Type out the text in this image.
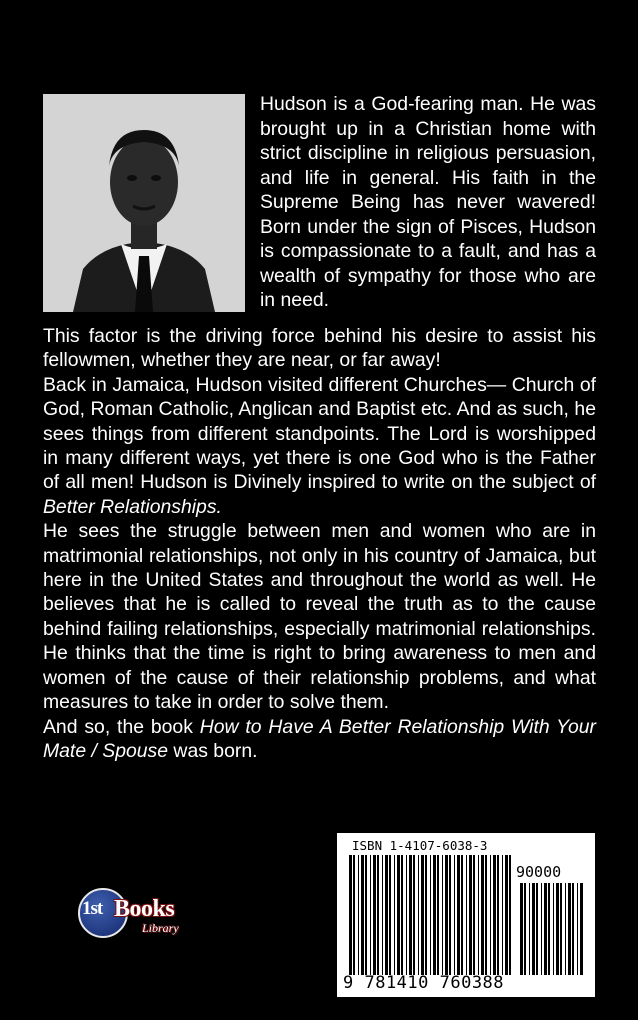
Hudson is a God-fearing man. He was brought up in a Christian home with strict discipline in religious persuasion, and life in general. His faith in the Supreme Being has never wavered! Born under the sign of Pisces, Hudson is compassionate to a fault, and has a wealth of sympathy for those who are in need.

This factor is the driving force behind his desire to assist his fellowmen, whether they are near, or far away!

Back in Jamaica, Hudson visited different Churches— Church of God, Roman Catholic, Anglican and Baptist etc. And as such, he sees things from different standpoints. The Lord is worshipped in many different ways, yet there is one God who is the Father of all men! Hudson is Divinely inspired to write on the subject of Better Relationships.

He sees the struggle between men and women who are in matrimonial relationships, not only in his country of Jamaica, but here in the United States and throughout the world as well. He believes that he is called to reveal the truth as to the cause behind failing relationships, especially matrimonial relationships. He thinks that the time is right to bring awareness to men and women of the cause of their relationship problems, and what measures to take in order to solve them.

And so, the book How to Have A Better Relationship With Your Mate / Spouse was born.

1st Books
Library
ISBN 1-4107-6038-3
90000
9 781410 760388
